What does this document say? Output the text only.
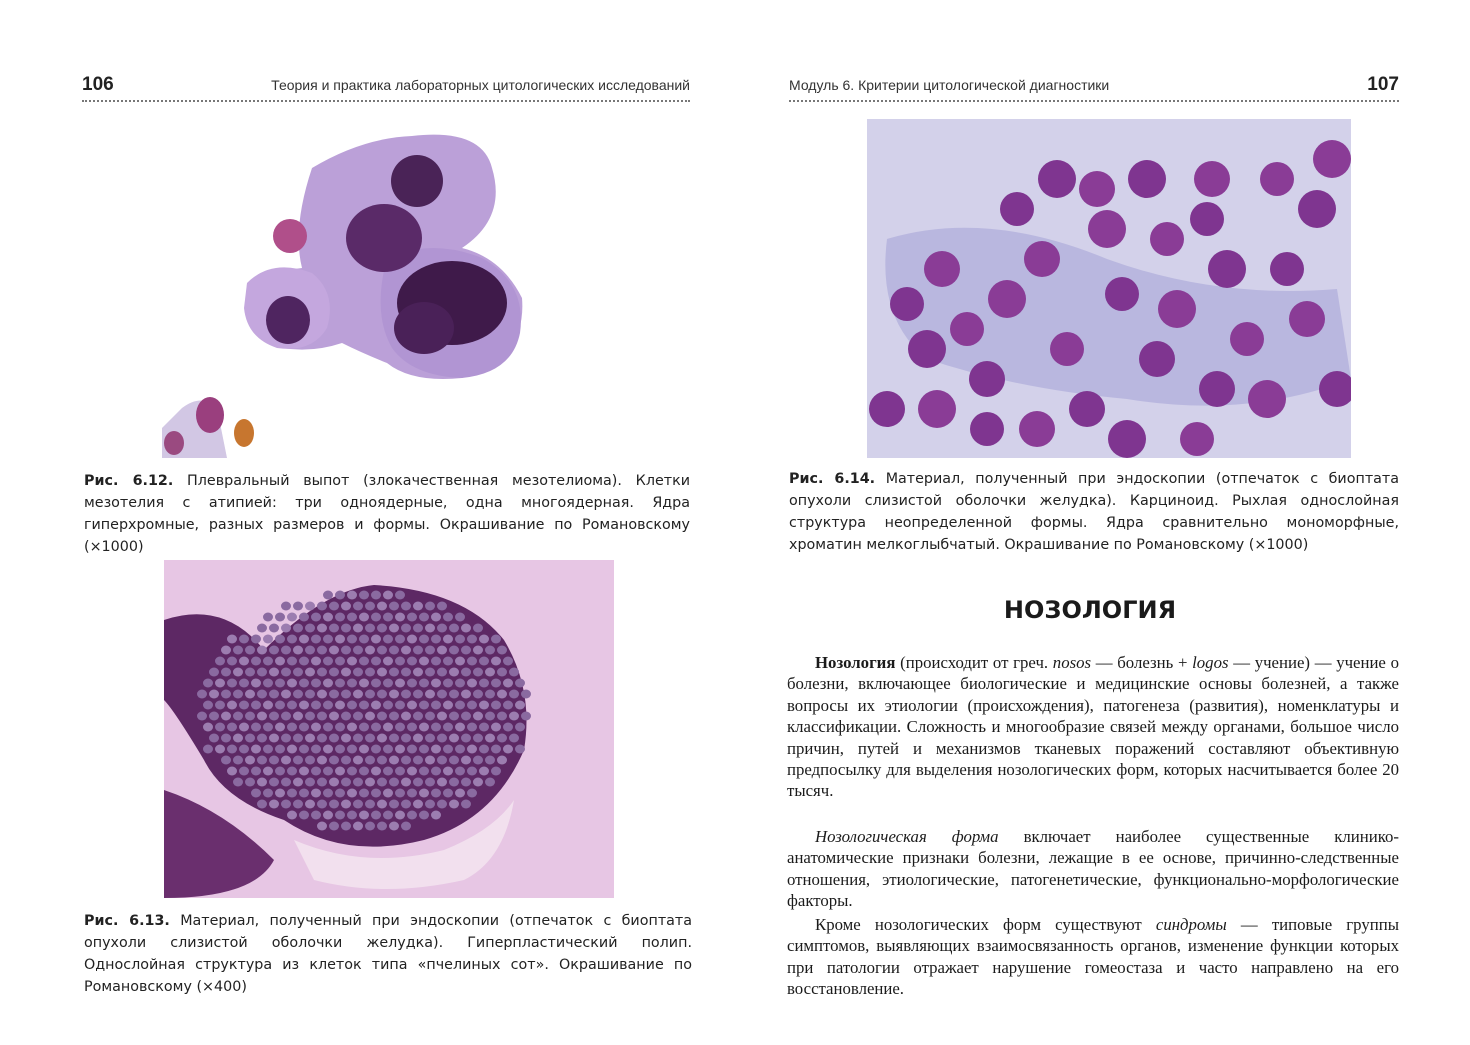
106	Теория и практика лабораторных цитологических исследований
Рис. 6.12. Плевральный выпот (злокачественная мезотелиома). Клетки мезотелия с атипией: три одноядерные, одна многоядерная. Ядра гиперхромные, разных размеров и формы. Окрашивание по Романовскому (×1000)
Рис. 6.13. Материал, полученный при эндоскопии (отпечаток с биоптата опухоли слизистой оболочки желудка). Гиперпластический полип. Однослойная структура из клеток типа «пчелиных сот». Окрашивание по Романовскому (×400)
Модуль 6. Критерии цитологической диагностики	107
Рис. 6.14. Материал, полученный при эндоскопии (отпечаток с биоптата опухоли слизистой оболочки желудка). Карциноид. Рыхлая однослойная структура неопределенной формы. Ядра сравнительно мономорфные, хроматин мелкоглыбчатый. Окрашивание по Романовскому (×1000)
НОЗОЛОГИЯ

Нозология (происходит от греч. nosos — болезнь + logos — учение) — учение о болезни, включающее биологические и медицинские основы болезней, а также вопросы их этиологии (происхождения), патогенеза (развития), номенклатуры и классификации. Сложность и многообразие связей между органами, большое число причин, путей и механизмов тканевых поражений составляют объективную предпосылку для выделения нозологических форм, которых насчитывается более 20 тысяч.

Нозологическая форма включает наиболее существенные клинико-анатомические признаки болезни, лежащие в ее основе, причинно-следственные отношения, этиологические, патогенетические, функционально-морфологические факторы.

Кроме нозологических форм существуют синдромы — типовые группы симптомов, выявляющих взаимосвязанность органов, изменение функции которых при патологии отражает нарушение гомеостаза и часто направлено на его восстановление.
